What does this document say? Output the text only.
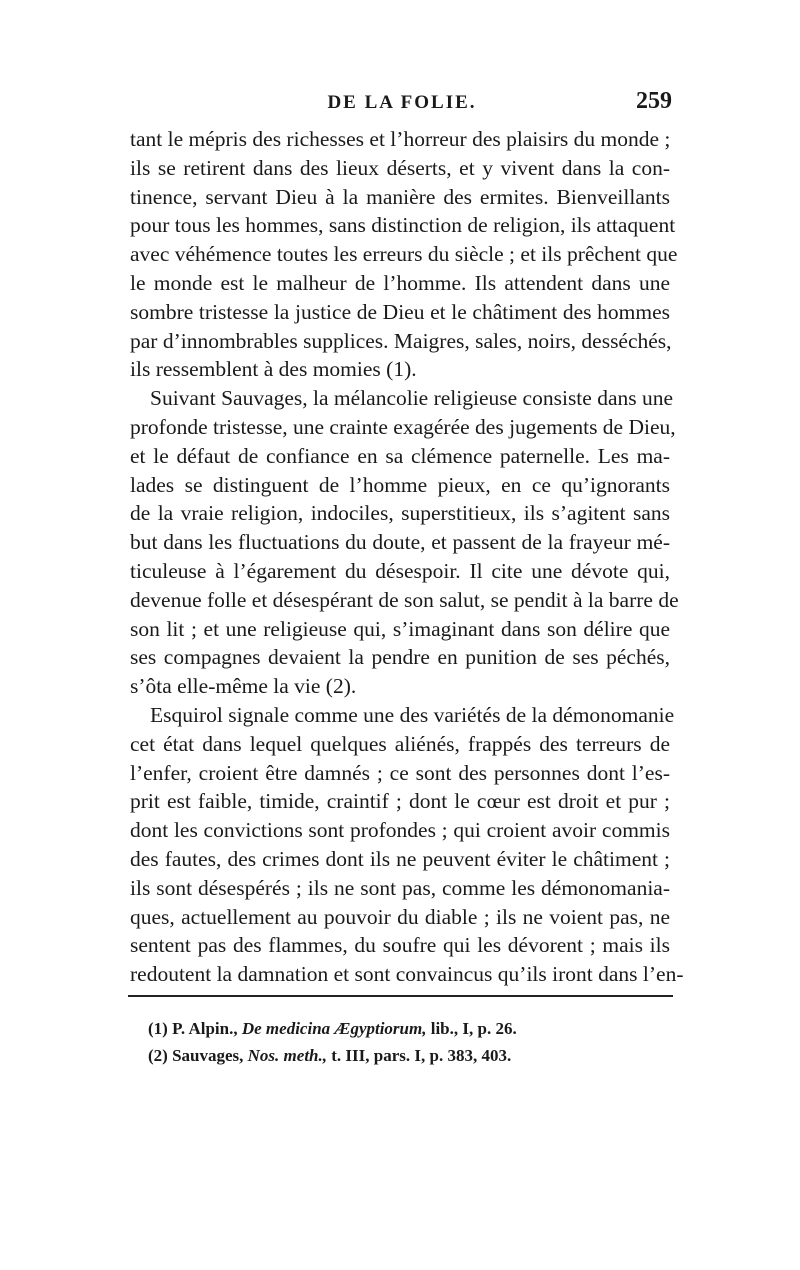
DE LA FOLIE.	259
tant le mépris des richesses et l’horreur des plaisirs du monde ;
ils se retirent dans des lieux déserts, et y vivent dans la con-
tinence, servant Dieu à la manière des ermites. Bienveillants
pour tous les hommes, sans distinction de religion, ils attaquent
avec véhémence toutes les erreurs du siècle ; et ils prêchent que
le monde est le malheur de l’homme. Ils attendent dans une
sombre tristesse la justice de Dieu et le châtiment des hommes
par d’innombrables supplices. Maigres, sales, noirs, desséchés,
ils ressemblent à des momies (1).
Suivant Sauvages, la mélancolie religieuse consiste dans une
profonde tristesse, une crainte exagérée des jugements de Dieu,
et le défaut de confiance en sa clémence paternelle. Les ma-
lades se distinguent de l’homme pieux, en ce qu’ignorants
de la vraie religion, indociles, superstitieux, ils s’agitent sans
but dans les fluctuations du doute, et passent de la frayeur mé-
ticuleuse à l’égarement du désespoir. Il cite une dévote qui,
devenue folle et désespérant de son salut, se pendit à la barre de
son lit ; et une religieuse qui, s’imaginant dans son délire que
ses compagnes devaient la pendre en punition de ses péchés,
s’ôta elle-même la vie (2).
Esquirol signale comme une des variétés de la démonomanie
cet état dans lequel quelques aliénés, frappés des terreurs de
l’enfer, croient être damnés ; ce sont des personnes dont l’es-
prit est faible, timide, craintif ; dont le cœur est droit et pur ;
dont les convictions sont profondes ; qui croient avoir commis
des fautes, des crimes dont ils ne peuvent éviter le châtiment ;
ils sont désespérés ; ils ne sont pas, comme les démonomania-
ques, actuellement au pouvoir du diable ; ils ne voient pas, ne
sentent pas des flammes, du soufre qui les dévorent ; mais ils
redoutent la damnation et sont convaincus qu’ils iront dans l’en-
(1) P. Alpin., De medicina Ægyptiorum, lib., I, p. 26.
(2) Sauvages, Nos. meth., t. III, pars. I, p. 383, 403.
